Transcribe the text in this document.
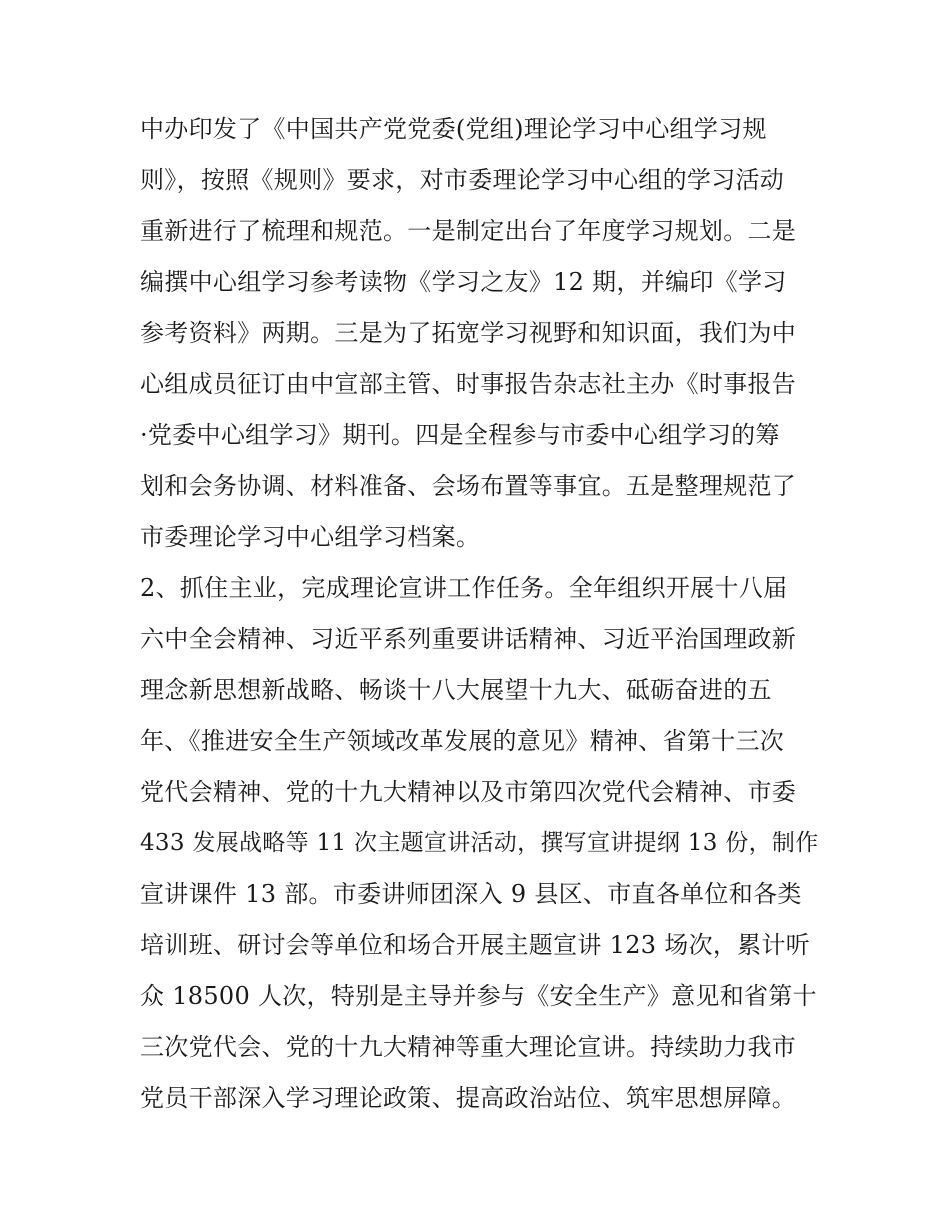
中办印发了《中国共产党党委(党组)理论学习中心组学习规
则》，按照《规则》要求，对市委理论学习中心组的学习活动
重新进行了梳理和规范。一是制定出台了年度学习规划。二是
编撰中心组学习参考读物《学习之友》12 期，并编印《学习
参考资料》两期。三是为了拓宽学习视野和知识面，我们为中
心组成员征订由中宣部主管、时事报告杂志社主办《时事报告
·党委中心组学习》期刊。四是全程参与市委中心组学习的筹
划和会务协调、材料准备、会场布置等事宜。五是整理规范了
市委理论学习中心组学习档案。
2、抓住主业，完成理论宣讲工作任务。全年组织开展十八届
六中全会精神、习近平系列重要讲话精神、习近平治国理政新
理念新思想新战略、畅谈十八大展望十九大、砥砺奋进的五
年、《推进安全生产领域改革发展的意见》精神、省第十三次
党代会精神、党的十九大精神以及市第四次党代会精神、市委
433 发展战略等 11 次主题宣讲活动，撰写宣讲提纲 13 份，制作
宣讲课件 13 部。市委讲师团深入 9 县区、市直各单位和各类
培训班、研讨会等单位和场合开展主题宣讲 123 场次，累计听
众 18500 人次，特别是主导并参与《安全生产》意见和省第十
三次党代会、党的十九大精神等重大理论宣讲。持续助力我市
党员干部深入学习理论政策、提高政治站位、筑牢思想屏障。
